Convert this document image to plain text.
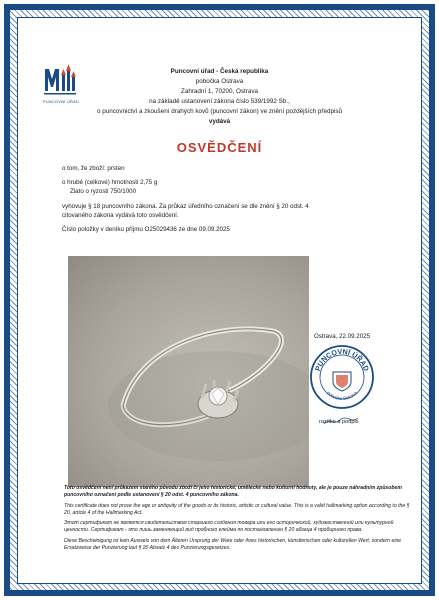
PUNCOVNÍ ÚŘAD
Puncovní úřad - Česká republika
pobočka Ostrava
Zahradní 1, 70200, Ostrava
na základě ustanovení zákona číslo 539/1992 Sb.,
o puncovnictví a zkoušení drahých kovů (puncovní zákon) ve znění pozdějších předpisů
vydává
OSVĚDČENÍ
o tom, že zboží: prsten
o hrubé (celkové) hmotnosti 2,75 g
Zlato o ryzosti 750/1000
vyhovuje § 18 puncovního zákona. Za průkaz úředního označení se dle znění § 20 odst. 4
citovaného zákona vydává toto osvědčení.
Číslo položky v deníku příjmu O25029436 ze dne 09.09.2025
Ostrava, 22.09.2025
PUNCOVNÍ ÚŘAD
pobočka Ostrava
razítko a podpis

Toto osvědčení není průkazem starého původu zboží či jeho historické, umělecké nebo kulturní hodnoty, ale je pouze náhradním způsobem puncovního označení podle ustanovení § 20 odst. 4 puncovního zákona.

This certificate does not prove the age or antiquity of the goods or its historic, artistic or cultural value. This is a valid hallmarking option according to the § 20, article 4 of the Hallmarking Act.

Этот сертификат не является свидетельством старшего создания товара или его исторической, художественной или культурной ценности. Сертификат - это лишь заменяющий вид пробного клейма по постановлению § 20 абзаца 4 пробирного права.

Diese Bescheinigung ist kein Ausweis von dem Älteren Ursprung der Ware oder ihres historischen, künstlerischen oder kulturellen Wert, sondern eine Ersatzweise der Punzierung laut § 20 Absatz 4 des Punzierungsgesetzes.
